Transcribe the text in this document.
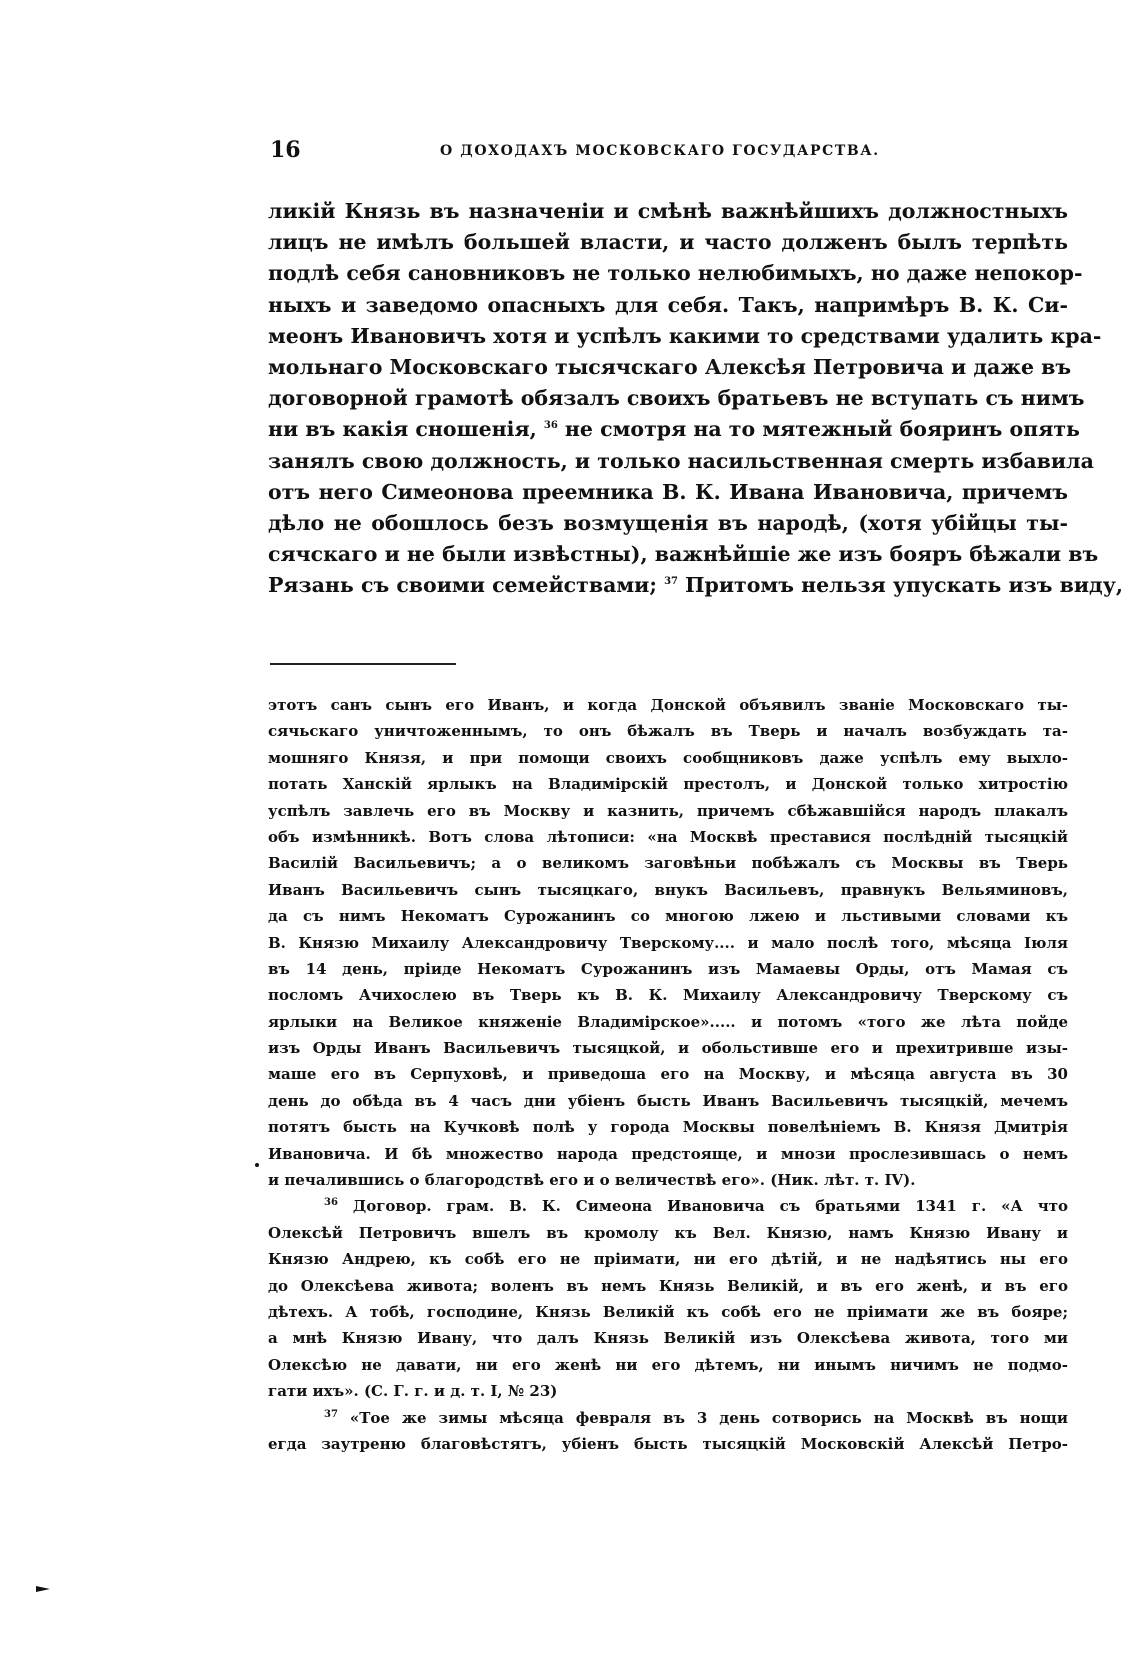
16	О ДОХОДАХЪ МОСКОВСКАГО ГОСУДАРСТВА.
ликій Князь въ назначеніи и смѣнѣ важнѣйшихъ должностныхъ
лицъ не имѣлъ большей власти, и часто долженъ былъ терпѣть
подлѣ себя сановниковъ не только нелюбимыхъ, но даже непокор-
ныхъ и заведомо опасныхъ для себя. Такъ, напримѣръ В. К. Си-
меонъ Ивановичъ хотя и успѣлъ какими то средствами удалить кра-
мольнаго Московскаго тысячскаго Алексѣя Петровича и даже въ
договорной грамотѣ обязалъ своихъ братьевъ не вступать съ нимъ
ни въ какія сношенія, $^{36}$ не смотря на то мятежный бояринъ опять
занялъ свою должность, и только насильственная смерть избавила
отъ него Симеонова преемника В. К. Ивана Ивановича, причемъ
дѣло не обошлось безъ возмущенія въ народѣ, (хотя убійцы ты-
сячскаго и не были извѣстны), важнѣйшіе же изъ бояръ бѣжали въ
Рязань съ своими семействами; $^{37}$ Притомъ нельзя упускать изъ виду,
этотъ санъ сынъ его Иванъ, и когда Донской объявилъ званіе Московскаго ты-
сячьскаго уничтоженнымъ, то онъ бѣжалъ въ Тверь и началъ возбуждать та-
мошняго Князя, и при помощи своихъ сообщниковъ даже успѣлъ ему выхло-
потать Ханскій ярлыкъ на Владимірскій престолъ, и Донской только хитростію
успѣлъ завлечь его въ Москву и казнить, причемъ сбѣжавшійся народъ плакалъ
объ измѣнникѣ. Вотъ слова лѣтописи: «на Москвѣ преставися послѣдній тысяцкій
Василій Васильевичъ; а о великомъ заговѣньи побѣжалъ съ Москвы въ Тверь
Иванъ Васильевичъ сынъ тысяцкаго, внукъ Васильевъ, правнукъ Вельяминовъ,
да съ нимъ Некоматъ Сурожанинъ со многою лжею и льстивыми словами къ
В. Князю Михаилу Александровичу Тверскому.... и мало послѣ того, мѣсяца Іюля
въ 14 день, пріиде Некоматъ Сурожанинъ изъ Мамаевы Орды, отъ Мамая съ
посломъ Ачихослею въ Тверь къ В. К. Михаилу Александровичу Тверскому съ
ярлыки на Великое княженіе Владимірское»..... и потомъ «того же лѣта пойде
изъ Орды Иванъ Васильевичъ тысяцкой, и обольстивше его и прехитривше изы-
маше его въ Серпуховѣ, и приведоша его на Москву, и мѣсяца августа въ 30
день до обѣда въ 4 часъ дни убіенъ бысть Иванъ Васильевичъ тысяцкій, мечемъ
потятъ бысть на Кучковѣ полѣ у города Москвы повелѣніемъ В. Князя Дмитрія
Ивановича. И бѣ множество народа предстояще, и мнози прослезившась о немъ
и печалившись о благородствѣ его и о величествѣ его». (Ник. лѣт. т. IV).
$^{36}$ Договор. грам. В. К. Симеона Ивановича съ братьями 1341 г. «А что
Олексѣй Петровичъ вшелъ въ кромолу къ Вел. Князю, намъ Князю Ивану и
Князю Андрею, къ собѣ его не пріимати, ни его дѣтій, и не надѣятись ны его
до Олексѣева живота; воленъ въ немъ Князь Великій, и въ его женѣ, и въ его
дѣтехъ. А тобѣ, господине, Князь Великій къ собѣ его не пріимати же въ бояре;
а мнѣ Князю Ивану, что далъ Князь Великій изъ Олексѣева живота, того ми
Олексѣю не давати, ни его женѣ ни его дѣтемъ, ни инымъ ничимъ не подмо-
гати ихъ». (С. Г. г. и д. т. I, № 23)
$^{37}$ «Тое же зимы мѣсяца февраля въ 3 день сотворись на Москвѣ въ нощи
егда заутреню благовѣстятъ, убіенъ бысть тысяцкій Московскій Алексѣй Петро-
